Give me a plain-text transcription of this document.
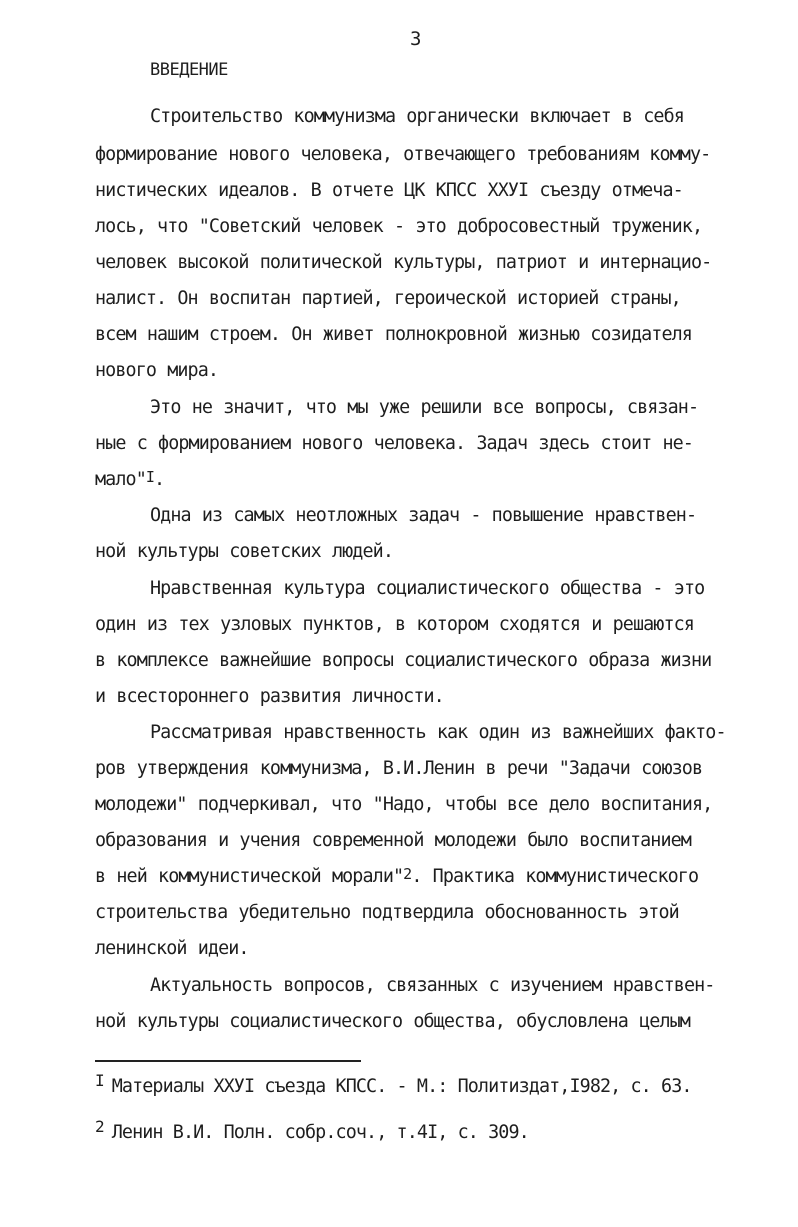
3
ВВЕДЕНИЕ
Строительство коммунизма органически включает в себя
формирование нового человека, отвечающего требованиям комму-
нистических идеалов. В отчете ЦК КПСС ХХУI съезду отмеча-
лось, что "Советский человек - это добросовестный труженик,
человек высокой политической культуры, патриот и интернацио-
налист. Он воспитан партией, героической историей страны,
всем нашим строем. Он живет полнокровной жизнью созидателя
нового мира.
Это не значит, что мы уже решили все вопросы, связан-
ные с формированием нового человека. Задач здесь стоит не-
мало"$^I$.
Одна из самых неотложных задач - повышение нравствен-
ной культуры советских людей.
Нравственная культура социалистического общества - это
один из тех узловых пунктов, в котором сходятся и решаются
в комплексе важнейшие вопросы социалистического образа жизни
и всестороннего развития личности.
Рассматривая нравственность как один из важнейших факто-
ров утверждения коммунизма, В.И.Ленин в речи "Задачи союзов
молодежи" подчеркивал, что "Надо, чтобы все дело воспитания,
образования и учения современной молодежи было воспитанием
в ней коммунистической морали"$^2$. Практика коммунистического
строительства убедительно подтвердила обоснованность этой
ленинской идеи.
Актуальность вопросов, связанных с изучением нравствен-
ной культуры социалистического общества, обусловлена целым
I Материалы ХХУI съезда КПСС. - М.: Политиздат,I982, с. 63.
2 Ленин В.И. Полн. собр.соч., т.4I, с. 309.
